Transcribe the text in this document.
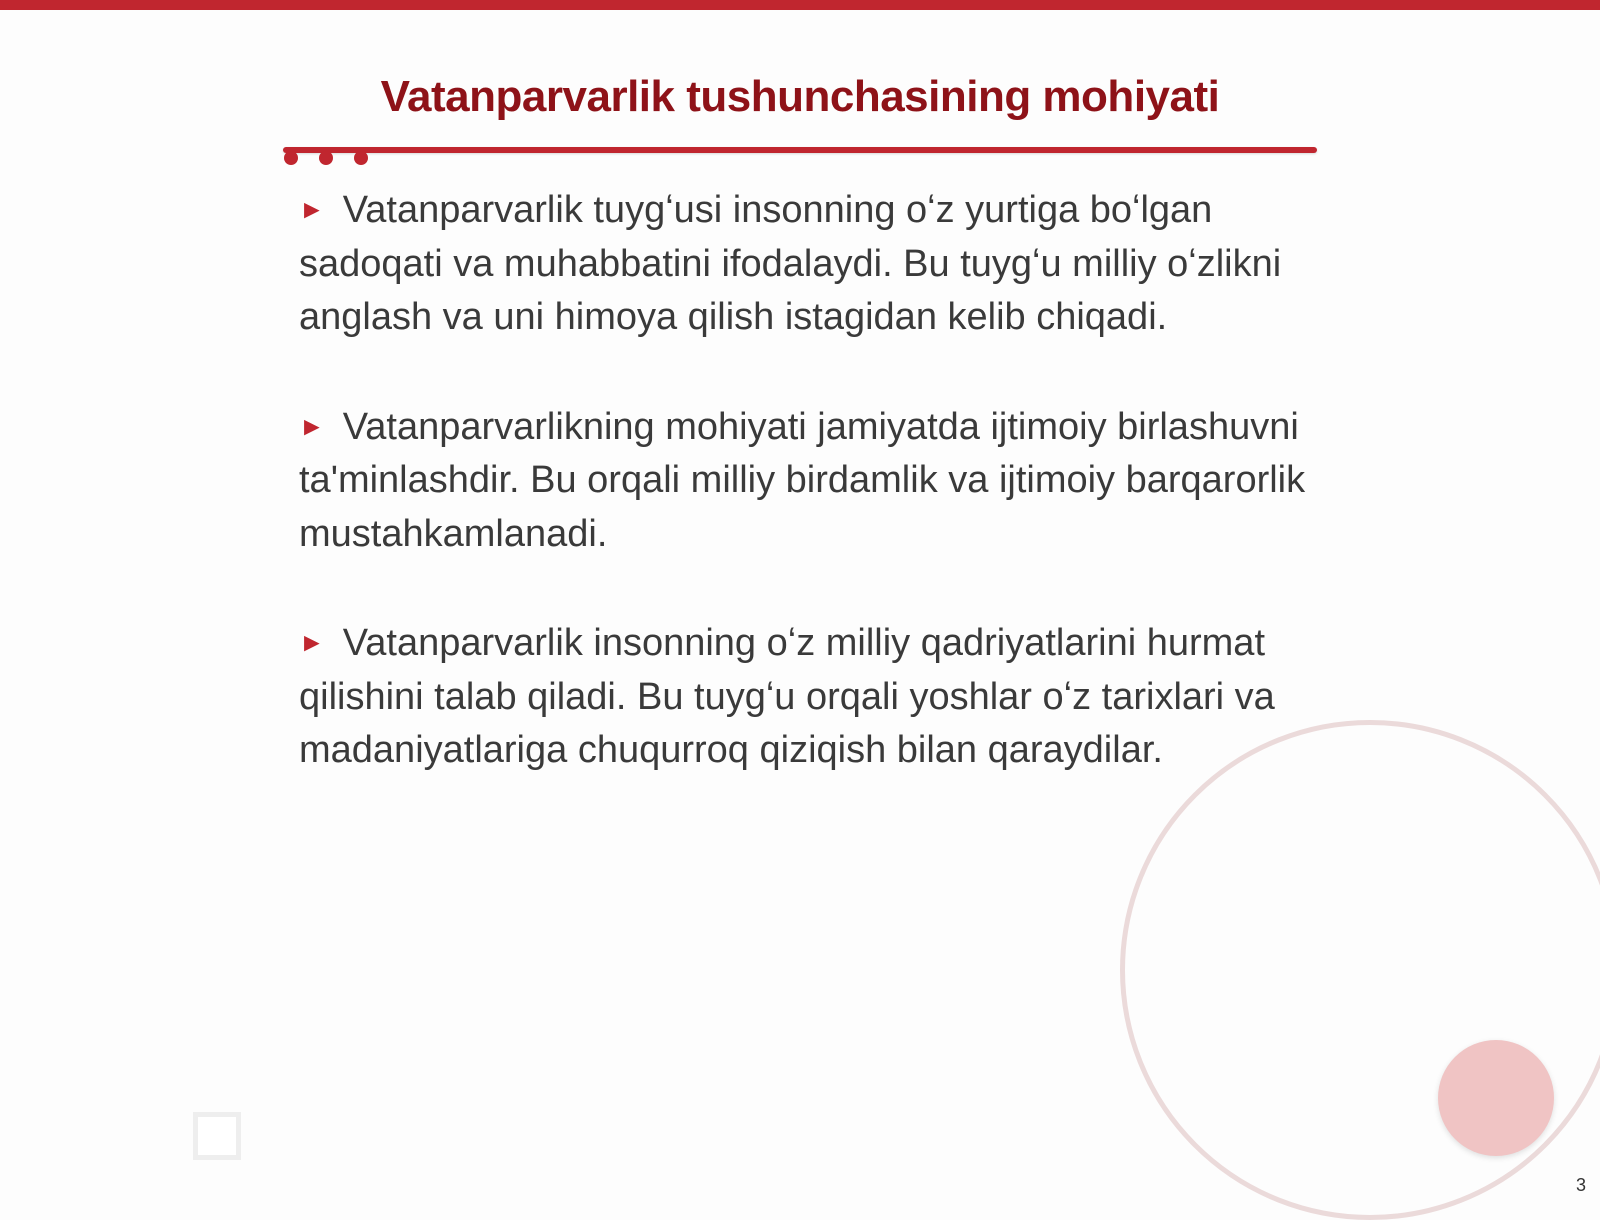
Vatanparvarlik tushunchasining mohiyati

► Vatanparvarlik tuygʻusi insonning oʻz yurtiga boʻlgan sadoqati va muhabbatini ifodalaydi. Bu tuygʻu milliy oʻzlikni anglash va uni himoya qilish istagidan kelib chiqadi.

► Vatanparvarlikning mohiyati jamiyatda ijtimoiy birlashuvni ta'minlashdir. Bu orqali milliy birdamlik va ijtimoiy barqarorlik mustahkamlanadi.

► Vatanparvarlik insonning oʻz milliy qadriyatlarini hurmat qilishini talab qiladi. Bu tuygʻu orqali yoshlar oʻz tarixlari va madaniyatlariga chuqurroq qiziqish bilan qaraydilar.

3
